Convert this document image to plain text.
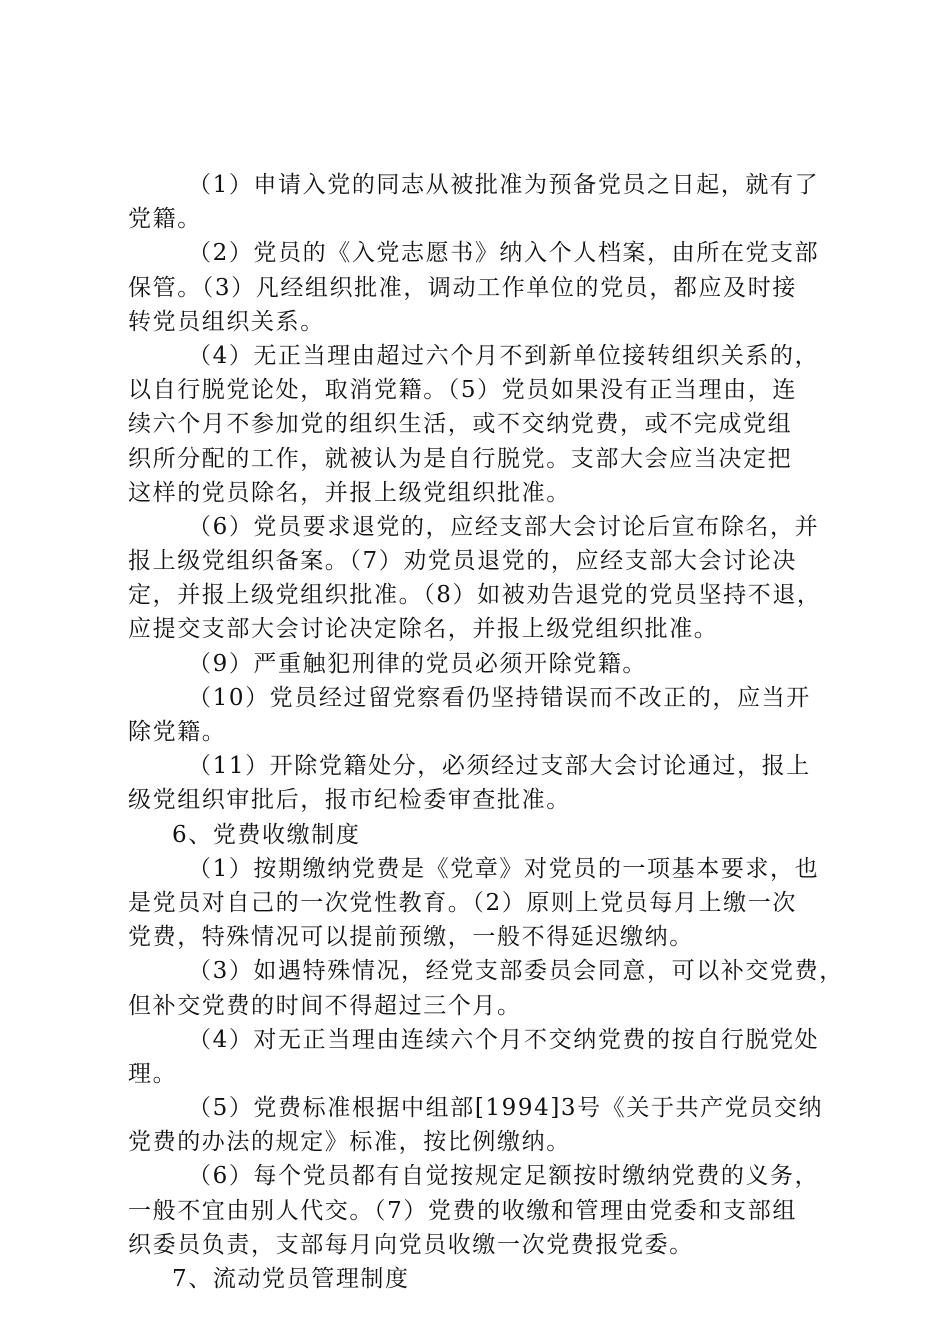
（1）申请入党的同志从被批准为预备党员之日起，就有了
党籍。
（2）党员的《入党志愿书》纳入个人档案，由所在党支部
保管。（3）凡经组织批准，调动工作单位的党员，都应及时接
转党员组织关系。
（4）无正当理由超过六个月不到新单位接转组织关系的，
以自行脱党论处，取消党籍。（5）党员如果没有正当理由，连
续六个月不参加党的组织生活，或不交纳党费，或不完成党组
织所分配的工作，就被认为是自行脱党。支部大会应当决定把
这样的党员除名，并报上级党组织批准。
（6）党员要求退党的，应经支部大会讨论后宣布除名，并
报上级党组织备案。（7）劝党员退党的，应经支部大会讨论决
定，并报上级党组织批准。（8）如被劝告退党的党员坚持不退，
应提交支部大会讨论决定除名，并报上级党组织批准。
（9）严重触犯刑律的党员必须开除党籍。
（10）党员经过留党察看仍坚持错误而不改正的，应当开
除党籍。
（11）开除党籍处分，必须经过支部大会讨论通过，报上
级党组织审批后，报市纪检委审查批准。
6、党费收缴制度
（1）按期缴纳党费是《党章》对党员的一项基本要求，也
是党员对自己的一次党性教育。（2）原则上党员每月上缴一次
党费，特殊情况可以提前预缴，一般不得延迟缴纳。
（3）如遇特殊情况，经党支部委员会同意，可以补交党费，
但补交党费的时间不得超过三个月。
（4）对无正当理由连续六个月不交纳党费的按自行脱党处
理。
（5）党费标准根据中组部[1994]3号《关于共产党员交纳
党费的办法的规定》标准，按比例缴纳。
（6）每个党员都有自觉按规定足额按时缴纳党费的义务，
一般不宜由别人代交。（7）党费的收缴和管理由党委和支部组
织委员负责，支部每月向党员收缴一次党费报党委。
7、流动党员管理制度
